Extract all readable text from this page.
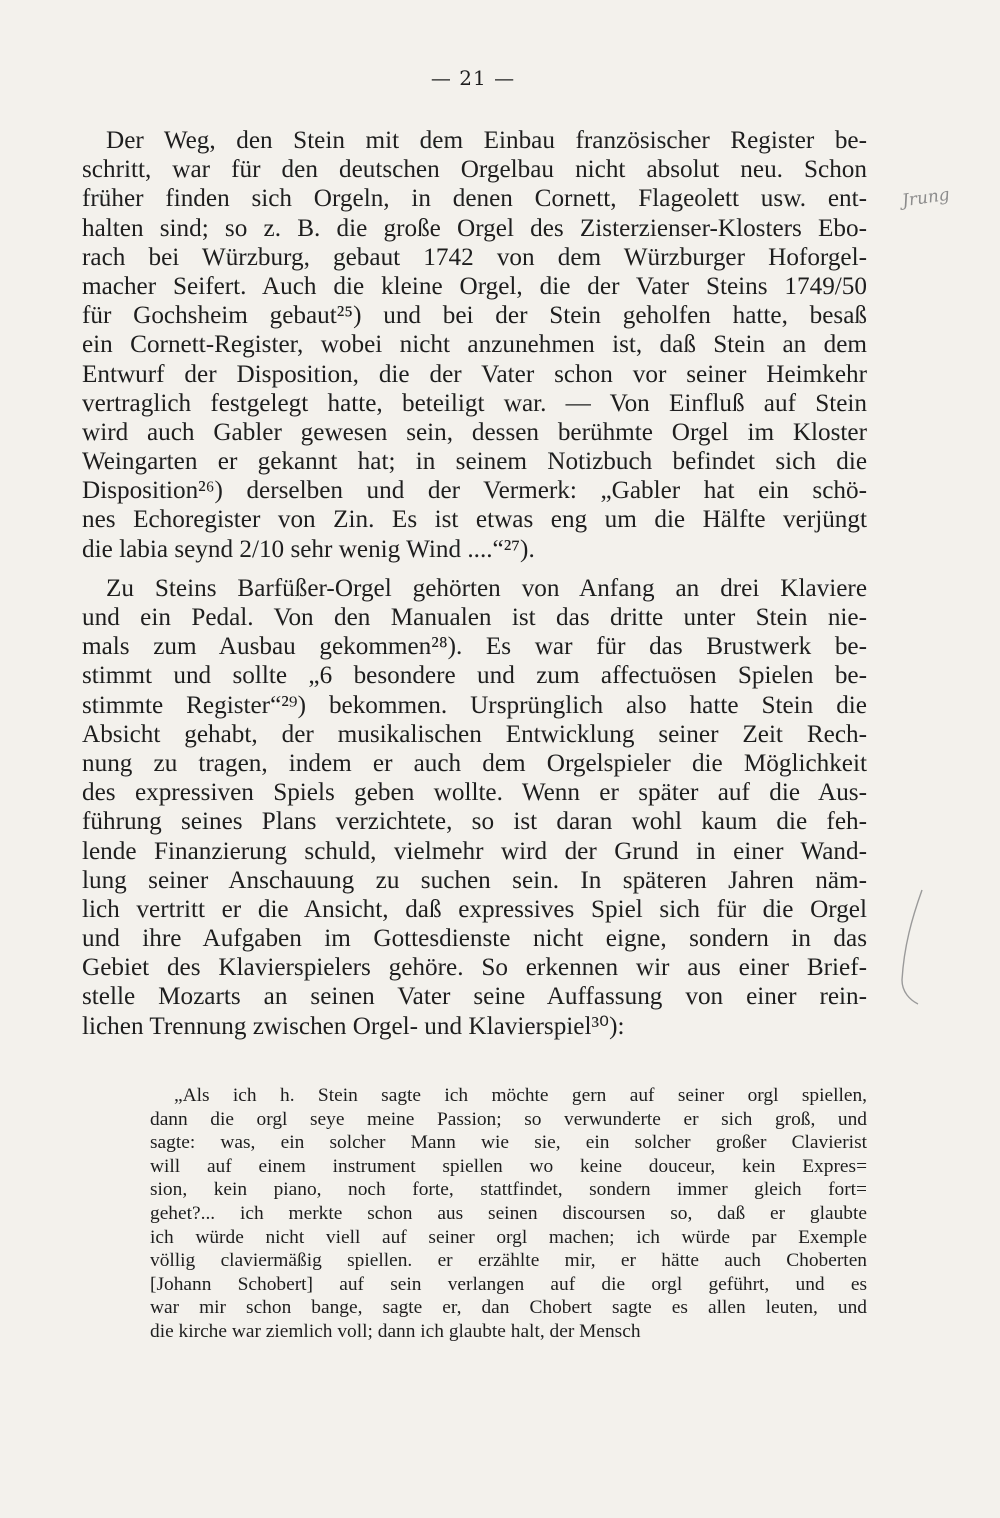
— 21 —
Jrung
Der Weg, den Stein mit dem Einbau französischer Register be-
schritt, war für den deutschen Orgelbau nicht absolut neu. Schon
früher finden sich Orgeln, in denen Cornett, Flageolett usw. ent-
halten sind; so z. B. die große Orgel des Zisterzienser-Klosters Ebo-
rach bei Würzburg, gebaut 1742 von dem Würzburger Hoforgel-
macher Seifert. Auch die kleine Orgel, die der Vater Steins 1749/50
für Gochsheim gebaut²⁵) und bei der Stein geholfen hatte, besaß
ein Cornett-Register, wobei nicht anzunehmen ist, daß Stein an dem
Entwurf der Disposition, die der Vater schon vor seiner Heimkehr
vertraglich festgelegt hatte, beteiligt war. — Von Einfluß auf Stein
wird auch Gabler gewesen sein, dessen berühmte Orgel im Kloster
Weingarten er gekannt hat; in seinem Notizbuch befindet sich die
Disposition²⁶) derselben und der Vermerk: „Gabler hat ein schö-
nes Echoregister von Zin. Es ist etwas eng um die Hälfte verjüngt
die labia seynd 2/10 sehr wenig Wind ....“²⁷).
Zu Steins Barfüßer-Orgel gehörten von Anfang an drei Klaviere
und ein Pedal. Von den Manualen ist das dritte unter Stein nie-
mals zum Ausbau gekommen²⁸). Es war für das Brustwerk be-
stimmt und sollte „6 besondere und zum affectuösen Spielen be-
stimmte Register“²⁹) bekommen. Ursprünglich also hatte Stein die
Absicht gehabt, der musikalischen Entwicklung seiner Zeit Rech-
nung zu tragen, indem er auch dem Orgelspieler die Möglichkeit
des expressiven Spiels geben wollte. Wenn er später auf die Aus-
führung seines Plans verzichtete, so ist daran wohl kaum die feh-
lende Finanzierung schuld, vielmehr wird der Grund in einer Wand-
lung seiner Anschauung zu suchen sein. In späteren Jahren näm-
lich vertritt er die Ansicht, daß expressives Spiel sich für die Orgel
und ihre Aufgaben im Gottesdienste nicht eigne, sondern in das
Gebiet des Klavierspielers gehöre. So erkennen wir aus einer Brief-
stelle Mozarts an seinen Vater seine Auffassung von einer rein-
lichen Trennung zwischen Orgel- und Klavierspiel³⁰):
„Als ich h. Stein sagte ich möchte gern auf seiner orgl spiellen,
dann die orgl seye meine Passion; so verwunderte er sich groß, und
sagte: was, ein solcher Mann wie sie, ein solcher großer Clavierist
will auf einem instrument spiellen wo keine douceur, kein Expres=
sion, kein piano, noch forte, stattfindet, sondern immer gleich fort=
gehet?... ich merkte schon aus seinen discoursen so, daß er glaubte
ich würde nicht viell auf seiner orgl machen; ich würde par Exemple
völlig claviermäßig spiellen. er erzählte mir, er hätte auch Choberten
[Johann Schobert] auf sein verlangen auf die orgl geführt, und es
war mir schon bange, sagte er, dan Chobert sagte es allen leuten, und
die kirche war ziemlich voll; dann ich glaubte halt, der Mensch
